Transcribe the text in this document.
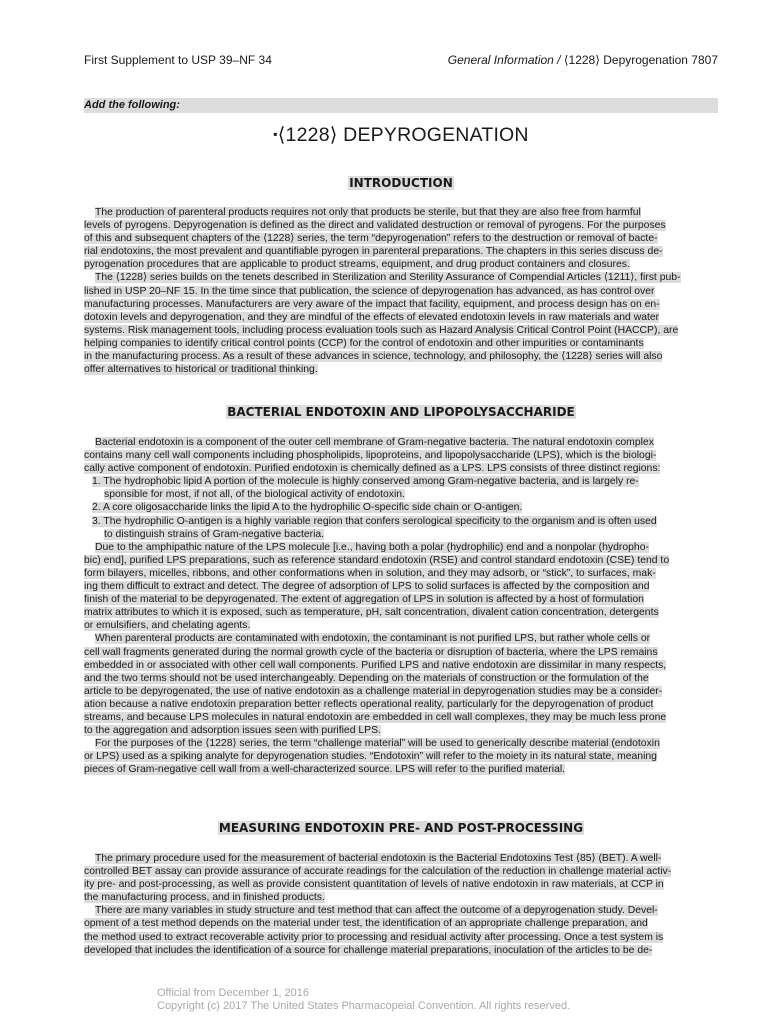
First Supplement to USP 39–NF 34	General Information / ⟨1228⟩ Depyrogenation 7807
Add the following:
▪⟨1228⟩ DEPYROGENATION
INTRODUCTION
The production of parenteral products requires not only that products be sterile, but that they are also free from harmful
levels of pyrogens. Depyrogenation is defined as the direct and validated destruction or removal of pyrogens. For the purposes
of this and subsequent chapters of the ⟨1228⟩ series, the term “depyrogenation” refers to the destruction or removal of bacte-
rial endotoxins, the most prevalent and quantifiable pyrogen in parenteral preparations. The chapters in this series discuss de-
pyrogenation procedures that are applicable to product streams, equipment, and drug product containers and closures.
The ⟨1228⟩ series builds on the tenets described in Sterilization and Sterility Assurance of Compendial Articles ⟨1211⟩, first pub-
lished in USP 20–NF 15. In the time since that publication, the science of depyrogenation has advanced, as has control over
manufacturing processes. Manufacturers are very aware of the impact that facility, equipment, and process design has on en-
dotoxin levels and depyrogenation, and they are mindful of the effects of elevated endotoxin levels in raw materials and water
systems. Risk management tools, including process evaluation tools such as Hazard Analysis Critical Control Point (HACCP), are
helping companies to identify critical control points (CCP) for the control of endotoxin and other impurities or contaminants
in the manufacturing process. As a result of these advances in science, technology, and philosophy, the ⟨1228⟩ series will also
offer alternatives to historical or traditional thinking.
BACTERIAL ENDOTOXIN AND LIPOPOLYSACCHARIDE
Bacterial endotoxin is a component of the outer cell membrane of Gram-negative bacteria. The natural endotoxin complex
contains many cell wall components including phospholipids, lipoproteins, and lipopolysaccharide (LPS), which is the biologi-
cally active component of endotoxin. Purified endotoxin is chemically defined as a LPS. LPS consists of three distinct regions:
1. The hydrophobic lipid A portion of the molecule is highly conserved among Gram-negative bacteria, and is largely re-
sponsible for most, if not all, of the biological activity of endotoxin.
2. A core oligosaccharide links the lipid A to the hydrophilic O-specific side chain or O-antigen.
3. The hydrophilic O-antigen is a highly variable region that confers serological specificity to the organism and is often used
to distinguish strains of Gram-negative bacteria.
Due to the amphipathic nature of the LPS molecule [i.e., having both a polar (hydrophilic) end and a nonpolar (hydropho-
bic) end], purified LPS preparations, such as reference standard endotoxin (RSE) and control standard endotoxin (CSE) tend to
form bilayers, micelles, ribbons, and other conformations when in solution, and they may adsorb, or “stick”, to surfaces, mak-
ing them difficult to extract and detect. The degree of adsorption of LPS to solid surfaces is affected by the composition and
finish of the material to be depyrogenated. The extent of aggregation of LPS in solution is affected by a host of formulation
matrix attributes to which it is exposed, such as temperature, pH, salt concentration, divalent cation concentration, detergents
or emulsifiers, and chelating agents.
When parenteral products are contaminated with endotoxin, the contaminant is not purified LPS, but rather whole cells or
cell wall fragments generated during the normal growth cycle of the bacteria or disruption of bacteria, where the LPS remains
embedded in or associated with other cell wall components. Purified LPS and native endotoxin are dissimilar in many respects,
and the two terms should not be used interchangeably. Depending on the materials of construction or the formulation of the
article to be depyrogenated, the use of native endotoxin as a challenge material in depyrogenation studies may be a consider-
ation because a native endotoxin preparation better reflects operational reality, particularly for the depyrogenation of product
streams, and because LPS molecules in natural endotoxin are embedded in cell wall complexes, they may be much less prone
to the aggregation and adsorption issues seen with purified LPS.
For the purposes of the ⟨1228⟩ series, the term “challenge material” will be used to generically describe material (endotoxin
or LPS) used as a spiking analyte for depyrogenation studies. “Endotoxin” will refer to the moiety in its natural state, meaning
pieces of Gram-negative cell wall from a well-characterized source. LPS will refer to the purified material.
MEASURING ENDOTOXIN PRE- AND POST-PROCESSING
The primary procedure used for the measurement of bacterial endotoxin is the Bacterial Endotoxins Test ⟨85⟩ (BET). A well-
controlled BET assay can provide assurance of accurate readings for the calculation of the reduction in challenge material activ-
ity pre- and post-processing, as well as provide consistent quantitation of levels of native endotoxin in raw materials, at CCP in
the manufacturing process, and in finished products.
There are many variables in study structure and test method that can affect the outcome of a depyrogenation study. Devel-
opment of a test method depends on the material under test, the identification of an appropriate challenge preparation, and
the method used to extract recoverable activity prior to processing and residual activity after processing. Once a test system is
developed that includes the identification of a source for challenge material preparations, inoculation of the articles to be de-
Official from December 1, 2016
Copyright (c) 2017 The United States Pharmacopeial Convention. All rights reserved.
